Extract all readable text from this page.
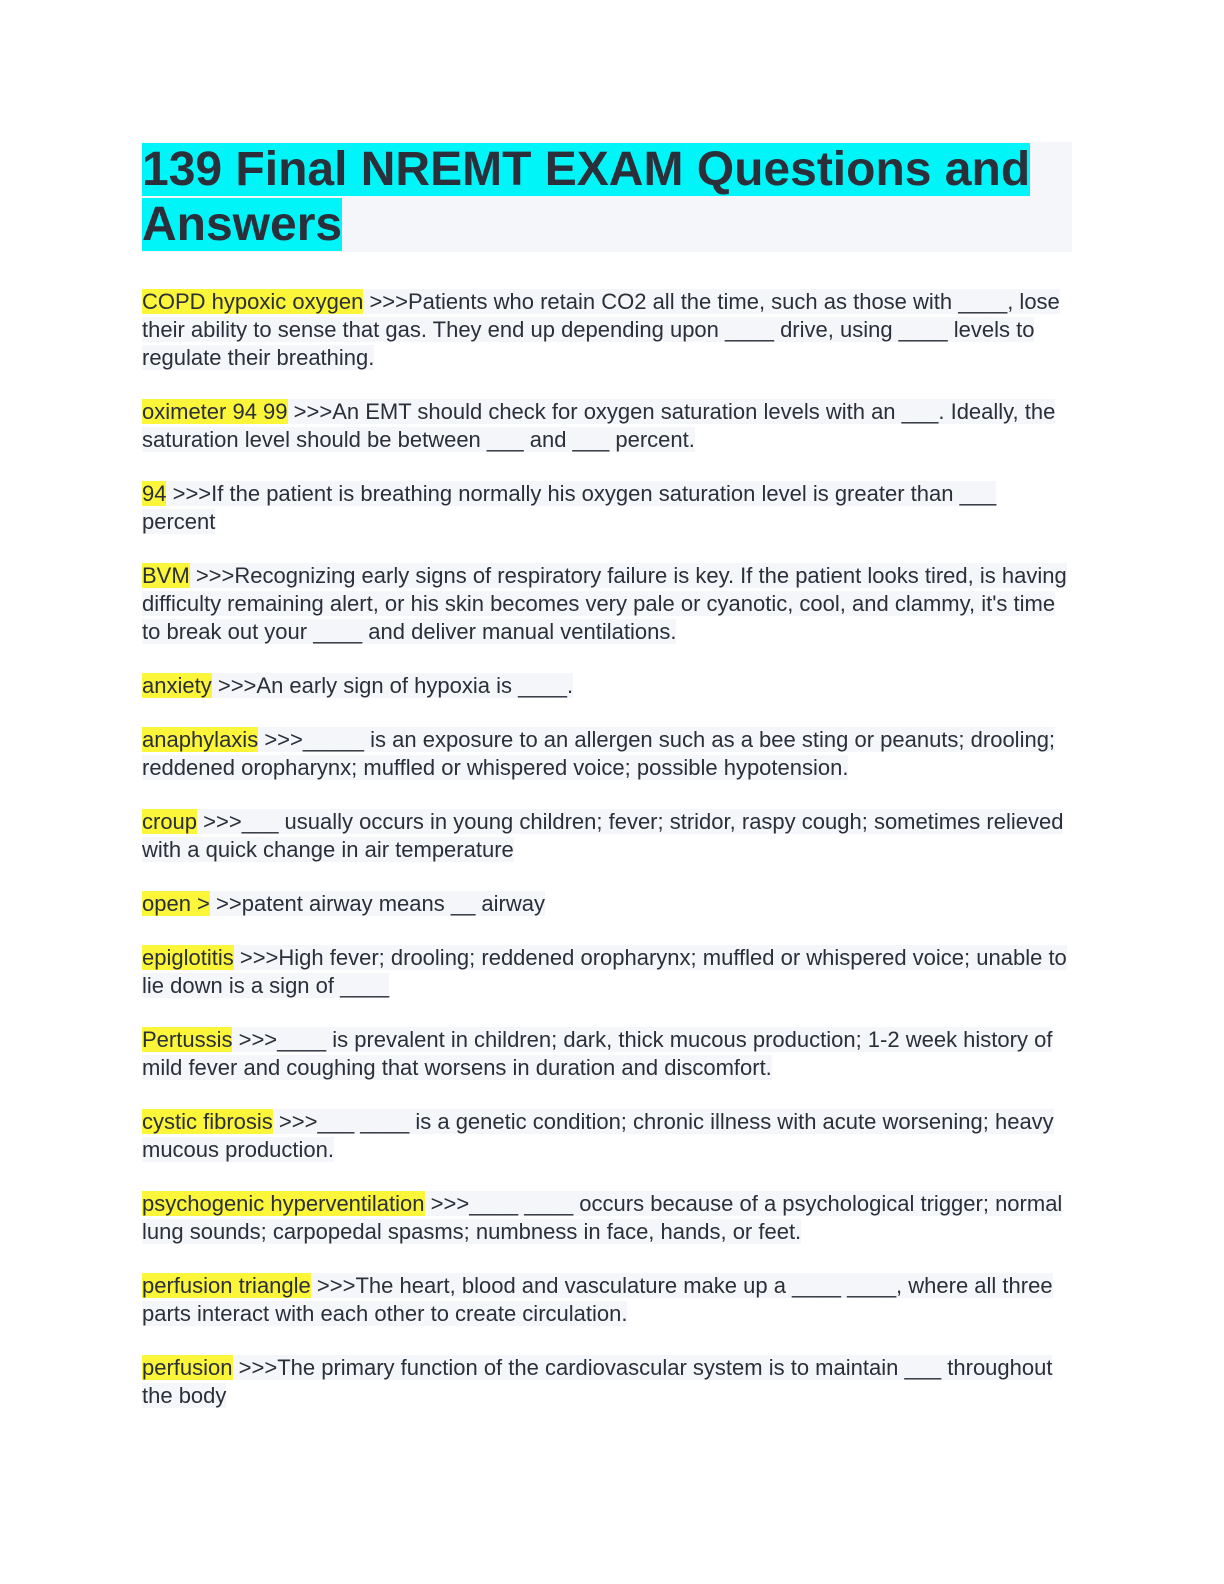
139 Final NREMT EXAM Questions and Answers

COPD hypoxic oxygen >>>Patients who retain CO2 all the time, such as those with ____, lose their ability to sense that gas. They end up depending upon ____ drive, using ____ levels to regulate their breathing.

oximeter 94 99 >>>An EMT should check for oxygen saturation levels with an ___. Ideally, the saturation level should be between ___ and ___ percent.

94 >>>If the patient is breathing normally his oxygen saturation level is greater than ___ percent

BVM >>>Recognizing early signs of respiratory failure is key. If the patient looks tired, is having difficulty remaining alert, or his skin becomes very pale or cyanotic, cool, and clammy, it's time to break out your ____ and deliver manual ventilations.

anxiety >>>An early sign of hypoxia is ____.

anaphylaxis >>>_____ is an exposure to an allergen such as a bee sting or peanuts; drooling; reddened oropharynx; muffled or whispered voice; possible hypotension.

croup >>>___ usually occurs in young children; fever; stridor, raspy cough; sometimes relieved with a quick change in air temperature

open > >>patent airway means __ airway

epiglotitis >>>High fever; drooling; reddened oropharynx; muffled or whispered voice; unable to lie down is a sign of ____

Pertussis >>>____ is prevalent in children; dark, thick mucous production; 1-2 week history of mild fever and coughing that worsens in duration and discomfort.

cystic fibrosis >>>___ ____ is a genetic condition; chronic illness with acute worsening; heavy mucous production.

psychogenic hyperventilation >>>____ ____ occurs because of a psychological trigger; normal lung sounds; carpopedal spasms; numbness in face, hands, or feet.

perfusion triangle >>>The heart, blood and vasculature make up a ____ ____, where all three parts interact with each other to create circulation.

perfusion >>>The primary function of the cardiovascular system is to maintain ___ throughout the body
